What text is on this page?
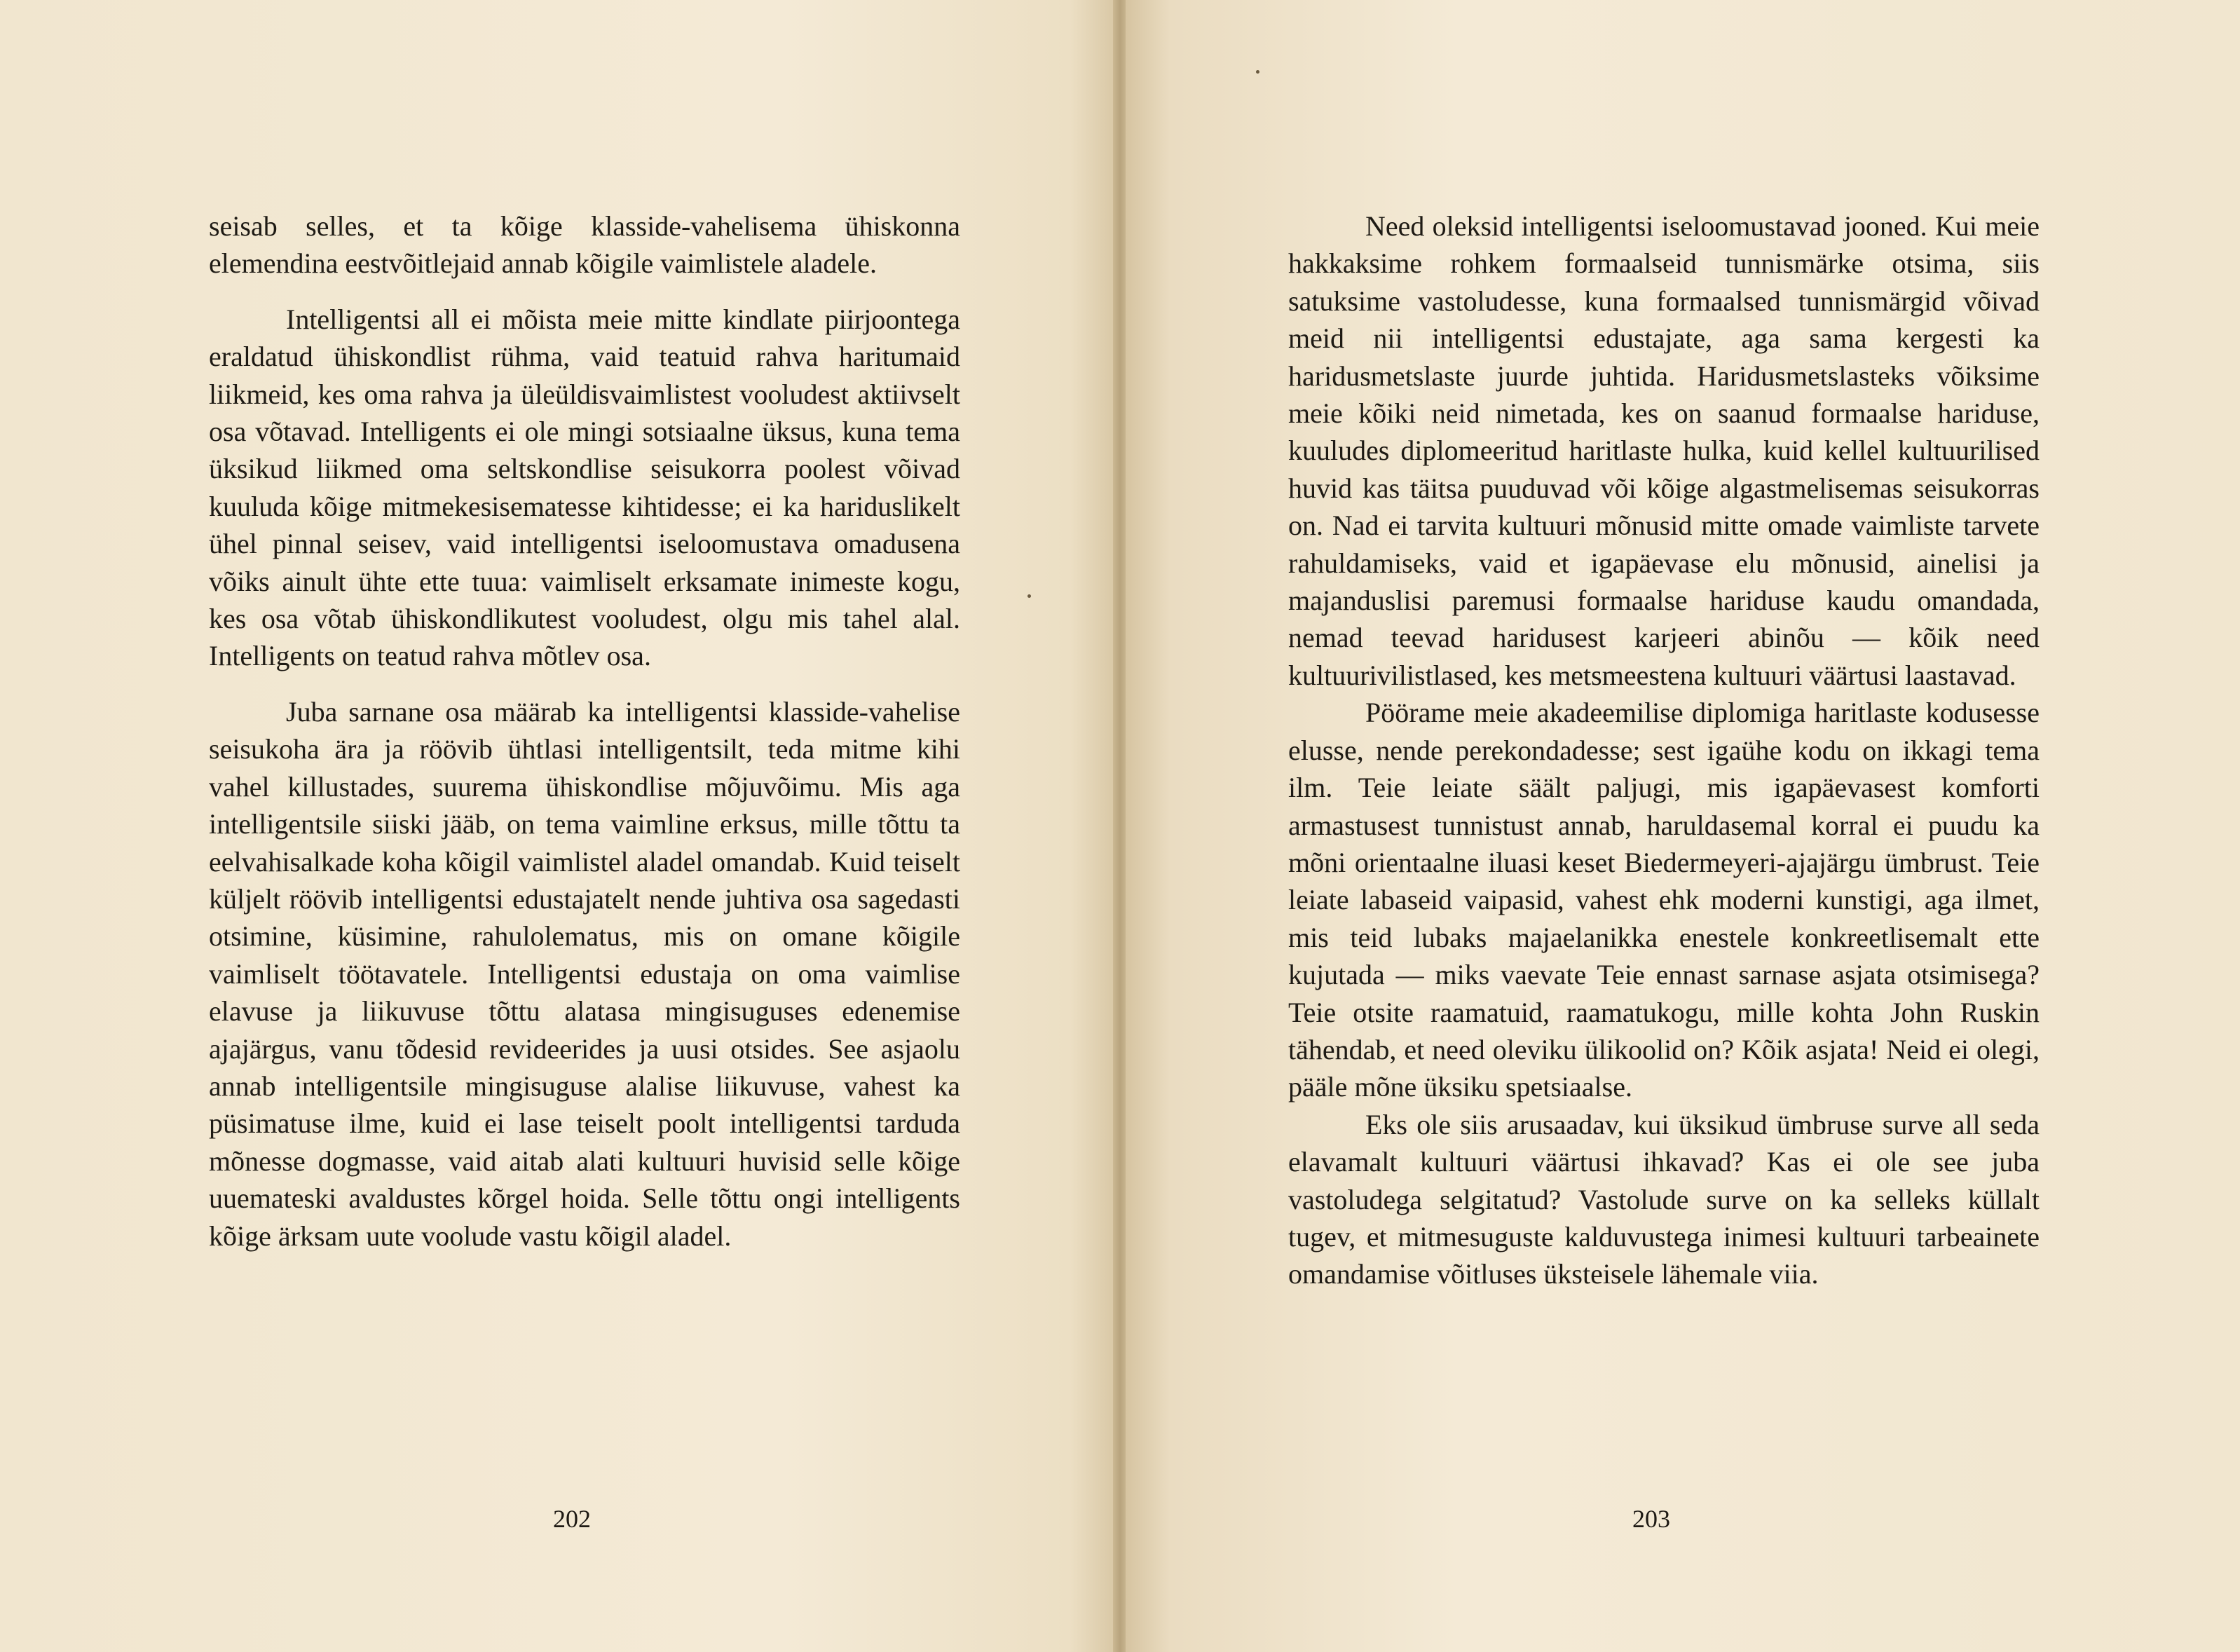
seisab selles, et ta kõige klasside-vahelisema ühiskonna elemendina eestvõitlejaid annab kõigile vaimlistele aladele.

Intelligentsi all ei mõista meie mitte kindlate piirjoontega eraldatud ühiskondlist rühma, vaid teatuid rahva haritumaid liikmeid, kes oma rahva ja üleüldisvaimlistest vooludest aktiivselt osa võtavad. Intelligents ei ole mingi sotsiaalne üksus, kuna tema üksikud liikmed oma seltskondlise seisukorra poolest võivad kuuluda kõige mitmekesisematesse kihtidesse; ei ka hariduslikelt ühel pinnal seisev, vaid intelligentsi iseloomustava omadusena võiks ainult ühte ette tuua: vaimliselt erksamate inimeste kogu, kes osa võtab ühiskondlikutest vooludest, olgu mis tahel alal. Intelligents on teatud rahva mõtlev osa.

Juba sarnane osa määrab ka intelligentsi klasside-vahelise seisukoha ära ja röövib ühtlasi intelligentsilt, teda mitme kihi vahel killustades, suurema ühiskondlise mõjuvõimu. Mis aga intelligentsile siiski jääb, on tema vaimline erksus, mille tõttu ta eelvahisalkade koha kõigil vaimlistel aladel omandab. Kuid teiselt küljelt röövib intelligentsi edustajatelt nende juhtiva osa sagedasti otsimine, küsimine, rahulolematus, mis on omane kõigile vaimliselt töötavatele. Intelligentsi edustaja on oma vaimlise elavuse ja liikuvuse tõttu alatasa mingisuguses edenemise ajajärgus, vanu tõdesid revideerides ja uusi otsides. See asjaolu annab intelligentsile mingisuguse alalise liikuvuse, vahest ka püsimatuse ilme, kuid ei lase teiselt poolt intelligentsi tarduda mõnesse dogmasse, vaid aitab alati kultuuri huvisid selle kõige uuemateski avaldustes kõrgel hoida. Selle tõttu ongi intelligents kõige ärksam uute voolude vastu kõigil aladel.

202

Need oleksid intelligentsi iseloomustavad jooned. Kui meie hakkaksime rohkem formaalseid tunnismärke otsima, siis satuksime vastoludesse, kuna formaalsed tunnismärgid võivad meid nii intelligentsi edustajate, aga sama kergesti ka haridusmetslaste juurde juhtida. Haridusmetslasteks võiksime meie kõiki neid nimetada, kes on saanud formaalse hariduse, kuuludes diplomeeritud haritlaste hulka, kuid kellel kultuurilised huvid kas täitsa puuduvad või kõige algastmelisemas seisukorras on. Nad ei tarvita kultuuri mõnusid mitte omade vaimliste tarvete rahuldamiseks, vaid et igapäevase elu mõnusid, ainelisi ja majanduslisi paremusi formaalse hariduse kaudu omandada, nemad teevad haridusest karjeeri abinõu — kõik need kultuurivilistlased, kes metsmeestena kultuuri väärtusi laastavad.

Pöörame meie akadeemilise diplomiga haritlaste kodusesse elusse, nende perekondadesse; sest igaühe kodu on ikkagi tema ilm. Teie leiate säält paljugi, mis igapäevasest komforti armastusest tunnistust annab, haruldasemal korral ei puudu ka mõni orientaalne iluasi keset Biedermeyeri-ajajärgu ümbrust. Teie leiate labaseid vaipasid, vahest ehk moderni kunstigi, aga ilmet, mis teid lubaks majaelanikka enestele konkreetlisemalt ette kujutada — miks vaevate Teie ennast sarnase asjata otsimisega? Teie otsite raamatuid, raamatukogu, mille kohta John Ruskin tähendab, et need oleviku ülikoolid on? Kõik asjata! Neid ei olegi, pääle mõne üksiku spetsiaalse.

Eks ole siis arusaadav, kui üksikud ümbruse surve all seda elavamalt kultuuri väärtusi ihkavad? Kas ei ole see juba vastoludega selgitatud? Vastolude surve on ka selleks küllalt tugev, et mitmesuguste kalduvustega inimesi kultuuri tarbeainete omandamise võitluses üksteisele lähemale viia.

203
